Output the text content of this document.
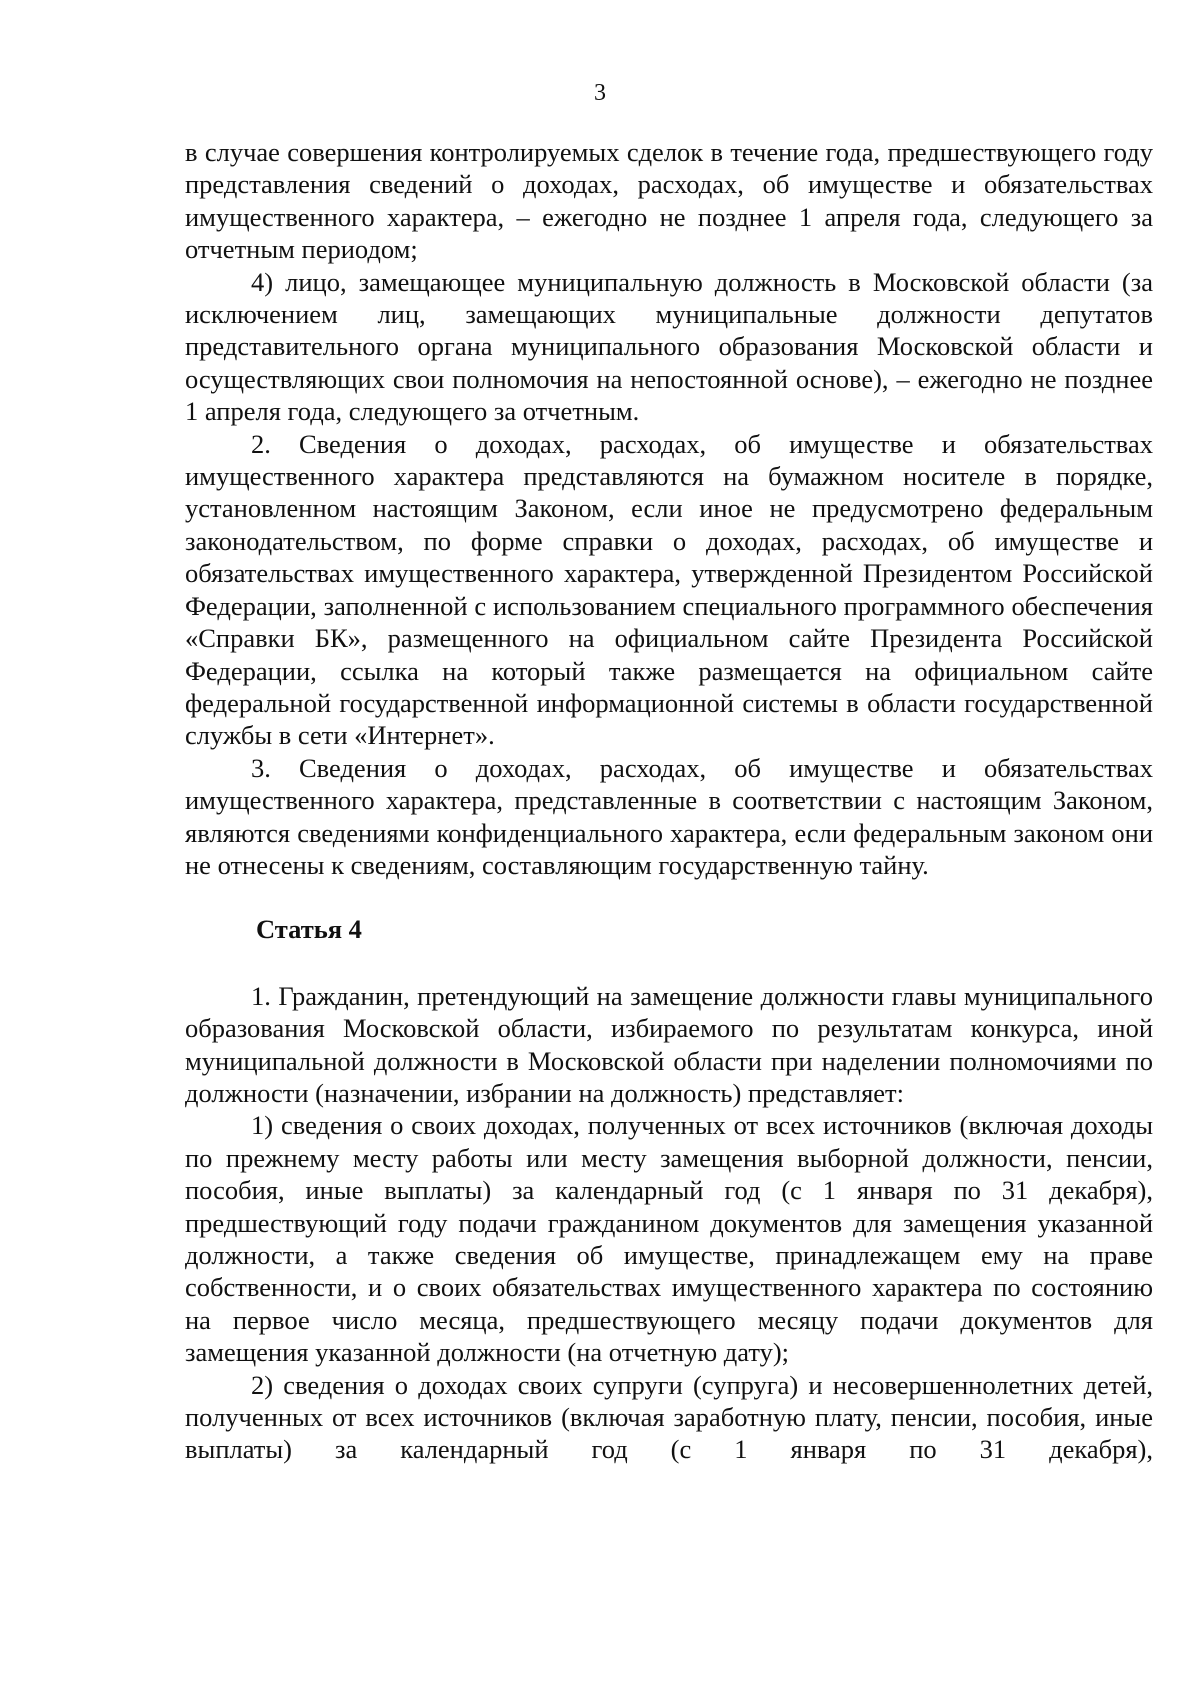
3

в случае совершения контролируемых сделок в течение года, предшествующего году представления сведений о доходах, расходах, об имуществе и обязательствах имущественного характера, – ежегодно не позднее 1 апреля года, следующего за отчетным периодом;

4) лицо, замещающее муниципальную должность в Московской области (за исключением лиц, замещающих муниципальные должности депутатов представительного органа муниципального образования Московской области и осуществляющих свои полномочия на непостоянной основе), – ежегодно не позднее 1 апреля года, следующего за отчетным.

2. Сведения о доходах, расходах, об имуществе и обязательствах имущественного характера представляются на бумажном носителе в порядке, установленном настоящим Законом, если иное не предусмотрено федеральным законодательством, по форме справки о доходах, расходах, об имуществе и обязательствах имущественного характера, утвержденной Президентом Российской Федерации, заполненной с использованием специального программного обеспечения «Справки БК», размещенного на официальном сайте Президента Российской Федерации, ссылка на который также размещается на официальном сайте федеральной государственной информационной системы в области государственной службы в сети «Интернет».

3. Сведения о доходах, расходах, об имуществе и обязательствах имущественного характера, представленные в соответствии с настоящим Законом, являются сведениями конфиденциального характера, если федеральным законом они не отнесены к сведениям, составляющим государственную тайну.

Статья 4

1. Гражданин, претендующий на замещение должности главы муниципального образования Московской области, избираемого по результатам конкурса, иной муниципальной должности в Московской области при наделении полномочиями по должности (назначении, избрании на должность) представляет:

1) сведения о своих доходах, полученных от всех источников (включая доходы по прежнему месту работы или месту замещения выборной должности, пенсии, пособия, иные выплаты) за календарный год (с 1 января по 31 декабря), предшествующий году подачи гражданином документов для замещения указанной должности, а также сведения об имуществе, принадлежащем ему на праве собственности, и о своих обязательствах имущественного характера по состоянию на первое число месяца, предшествующего месяцу подачи документов для замещения указанной должности (на отчетную дату);

2) сведения о доходах своих супруги (супруга) и несовершеннолетних детей, полученных от всех источников (включая заработную плату, пенсии, пособия, иные выплаты) за календарный год (с 1 января по 31 декабря),
